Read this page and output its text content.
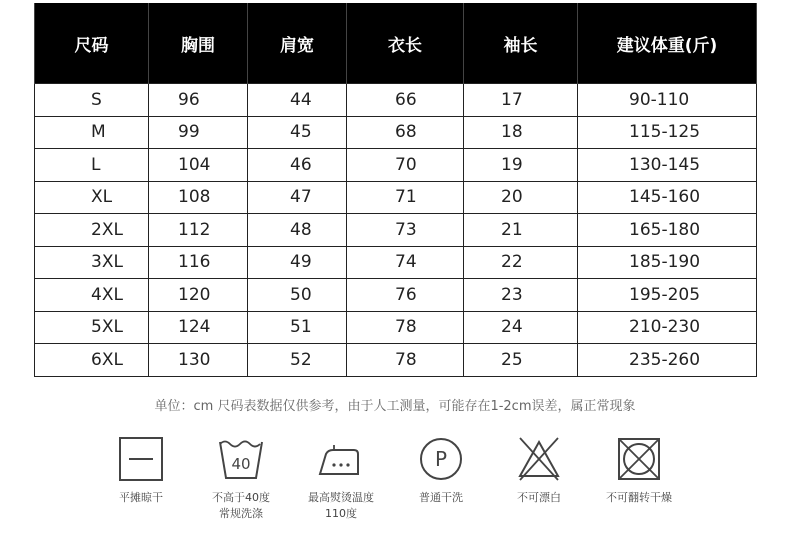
尺码	胸围	肩宽	衣长	袖长	建议体重(斤)
S	96	44	66	17	90-110
M	99	45	68	18	115-125
L	104	46	70	19	130-145
XL	108	47	71	20	145-160
2XL	112	48	73	21	165-180
3XL	116	49	74	22	185-190
4XL	120	50	76	23	195-205
5XL	124	51	78	24	210-230
6XL	130	52	78	25	235-260
单位：cm 尺码表数据仅供参考，由于人工测量，可能存在1-2cm误差，属正常现象
平摊晾干
40
不高于40度
常规洗涤
最高熨烫温度
110度
P
普通干洗	不可漂白	不可翻转干燥
